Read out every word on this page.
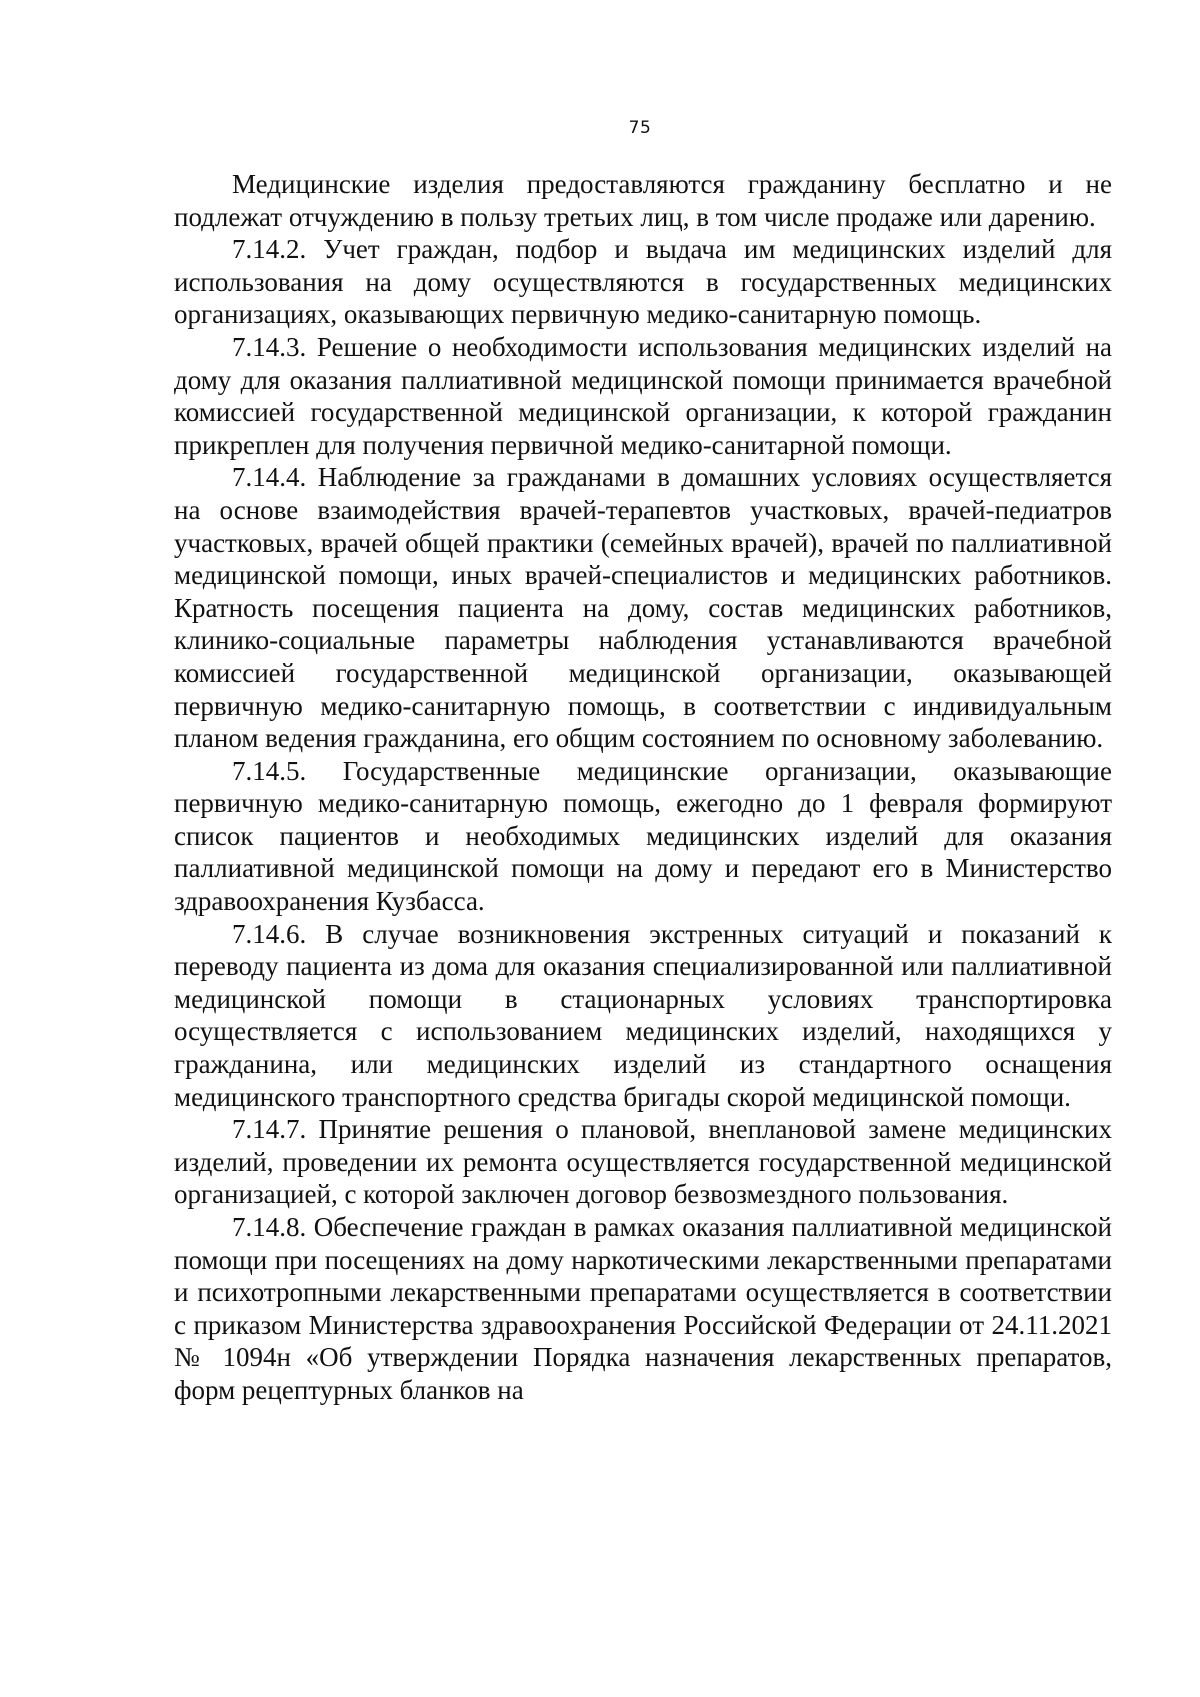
75

Медицинские изделия предоставляются гражданину бесплатно и не подлежат отчуждению в пользу третьих лиц, в том числе продаже или дарению.

7.14.2. Учет граждан, подбор и выдача им медицинских изделий для использования на дому осуществляются в государственных медицинских организациях, оказывающих первичную медико-санитарную помощь.

7.14.3. Решение о необходимости использования медицинских изделий на дому для оказания паллиативной медицинской помощи принимается врачебной комиссией государственной медицинской организации, к которой гражданин прикреплен для получения первичной медико-санитарной помощи.

7.14.4. Наблюдение за гражданами в домашних условиях осуществляется на основе взаимодействия врачей-терапевтов участковых, врачей-педиатров участковых, врачей общей практики (семейных врачей), врачей по паллиативной медицинской помощи, иных врачей-специалистов и медицинских работников. Кратность посещения пациента на дому, состав медицинских работников, клинико-социальные параметры наблюдения устанавливаются врачебной комиссией государственной медицинской организации, оказывающей первичную медико-санитарную помощь, в соответствии с индивидуальным планом ведения гражданина, его общим состоянием по основному заболеванию.

7.14.5. Государственные медицинские организации, оказывающие первичную медико-санитарную помощь, ежегодно до 1 февраля формируют список пациентов и необходимых медицинских изделий для оказания паллиативной медицинской помощи на дому и передают его в Министерство здравоохранения Кузбасса.

7.14.6. В случае возникновения экстренных ситуаций и показаний к переводу пациента из дома для оказания специализированной или паллиативной медицинской помощи в стационарных условиях транспортировка осуществляется с использованием медицинских изделий, находящихся у гражданина, или медицинских изделий из стандартного оснащения медицинского транспортного средства бригады скорой медицинской помощи.

7.14.7. Принятие решения о плановой, внеплановой замене медицинских изделий, проведении их ремонта осуществляется государственной медицинской организацией, с которой заключен договор безвозмездного пользования.

7.14.8. Обеспечение граждан в рамках оказания паллиативной медицинской помощи при посещениях на дому наркотическими лекарственными препаратами и психотропными лекарственными препаратами осуществляется в соответствии с приказом Министерства здравоохранения Российской Федерации от 24.11.2021 № 1094н «Об утверждении Порядка назначения лекарственных препаратов, форм рецептурных бланков на
